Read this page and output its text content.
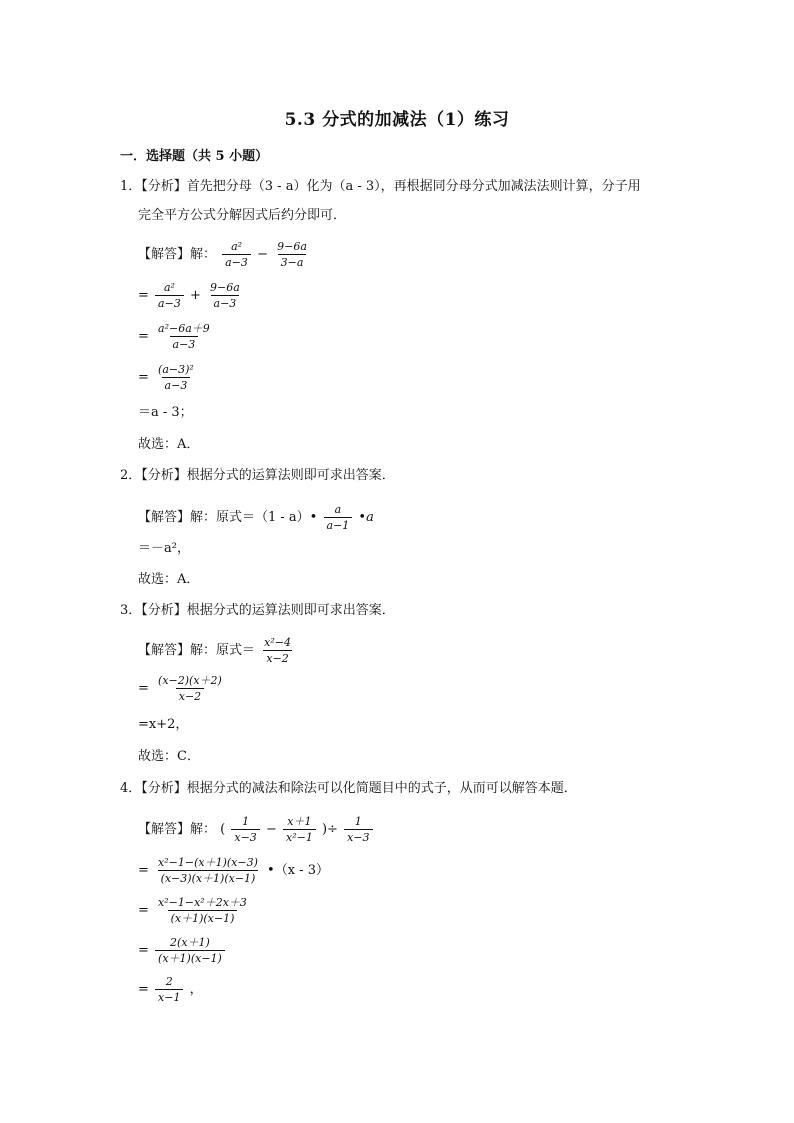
5.3 分式的加减法（1）练习
一．选择题（共 5 小题）
1．【分析】首先把分母（3 - a）化为（a - 3），再根据同分母分式加减法法则计算，分子用
完全平方公式分解因式后约分即可．
【解答】解： $\frac{\text{a²}}{a-3} - \frac{9-6a}{3-a}$
= $\frac{\text{a²}}{a-3} + \frac{9-6a}{a-3}$
= $\frac{\text{a²−6a＋9}}{a-3}$
= $\frac{\text{(a−3)²}}{a-3}$
＝a - 3；
故选：A．
2．【分析】根据分式的运算法则即可求出答案．
【解答】解：原式＝（1 - a）• $\frac{a}{a-1}$ •a
＝－a²，
故选：A．
3．【分析】根据分式的运算法则即可求出答案．
【解答】解：原式＝ $\frac{\text{x²−4}}{x-2}$
= $\frac{(x-2)(x+2)}{x-2}$
=x+2，
故选：C．
4．【分析】根据分式的减法和除法可以化简题目中的式子，从而可以解答本题．
【解答】解： ( $\frac{1}{x-3} - \frac{x+1}{\text{x²−1}}$ )÷ $\frac{1}{x-3}$
= $\frac{\text{x²−1−(x＋1)(x−3)}}{(x-3)(x+1)(x-1)}$ •（x - 3）
= $\frac{\text{x²−1−x²＋2x＋3}}{(x+1)(x-1)}$
= $\frac{2(x+1)}{(x+1)(x-1)}$
= $\frac{2}{x-1}$ ，
